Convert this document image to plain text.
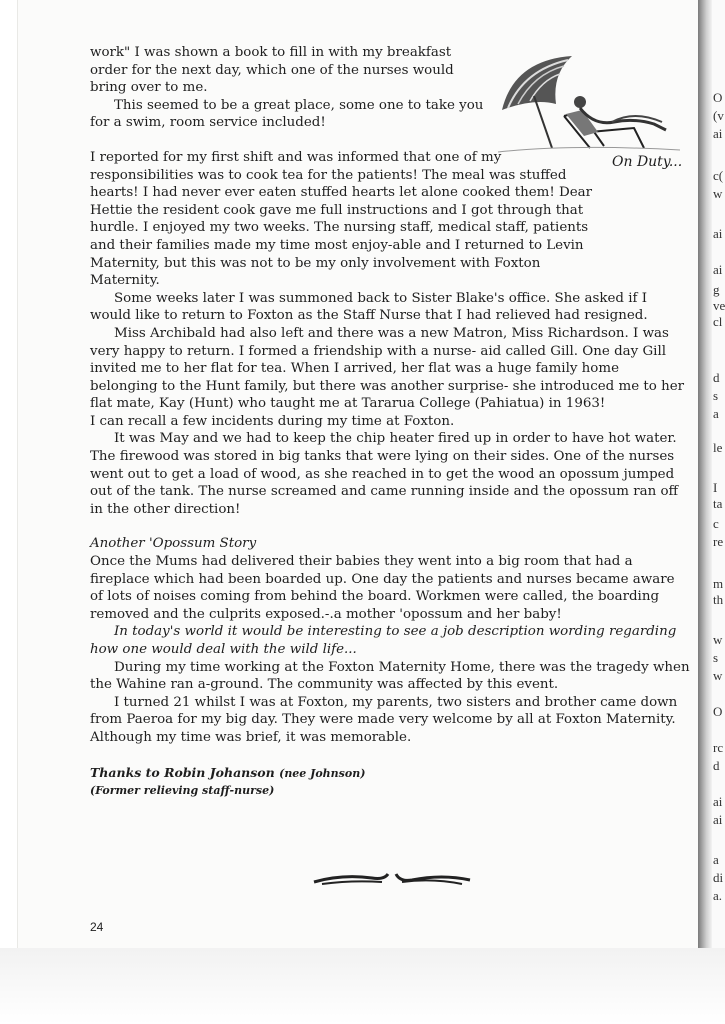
O
(v
ai
c(
w
ai
ai
g
ve
cl
d
s
a
le
I
ta
c
re
m
th
w
s
w
O
rc
d
ai
ai
a
di
a.
On Duty...

work" I was shown a book to fill in with my breakfast order for the next day, which one of the nurses would bring over to me.

This seemed to be a great place, some one to take you for a swim, room service included!

I reported for my first shift and was informed that one of my responsibilities was to cook tea for the patients! The meal was stuffed hearts! I had never ever eaten stuffed hearts let alone cooked them! Dear Hettie the resident cook gave me full instructions and I got through that hurdle. I enjoyed my two weeks. The nursing staff, medical staff, patients and their families made my time most enjoy-able and I returned to Levin Maternity, but this was not to be my only involvement with Foxton Maternity.

Some weeks later I was summoned back to Sister Blake's office. She asked if I would like to return to Foxton as the Staff Nurse that I had relieved had resigned.

Miss Archibald had also left and there was a new Matron, Miss Richardson. I was very happy to return. I formed a friendship with a nurse- aid called Gill. One day Gill invited me to her flat for tea. When I arrived, her flat was a huge family home belonging to the Hunt family, but there was another surprise- she introduced me to her flat mate, Kay (Hunt) who taught me at Tararua College (Pahiatua) in 1963!

I can recall a few incidents during my time at Foxton.

It was May and we had to keep the chip heater fired up in order to have hot water. The firewood was stored in big tanks that were lying on their sides. One of the nurses went out to get a load of wood, as she reached in to get the wood an opossum jumped out of the tank. The nurse screamed and came running inside and the opossum ran off in the other direction!

Another 'Opossum Story

Once the Mums had delivered their babies they went into a big room that had a fireplace which had been boarded up. One day the patients and nurses became aware of lots of noises coming from behind the board. Workmen were called, the boarding removed and the culprits exposed.-.a mother 'opossum and her baby!

In today's world it would be interesting to see a job description wording regarding how one would deal with the wild life...

During my time working at the Foxton Maternity Home, there was the tragedy when the Wahine ran a-ground. The community was affected by this event.

I turned 21 whilst I was at Foxton, my parents, two sisters and brother came down from Paeroa for my big day. They were made very welcome by all at Foxton Maternity. Although my time was brief, it was memorable.

Thanks to Robin Johanson (nee Johnson)

(Former relieving staff-nurse)

24
